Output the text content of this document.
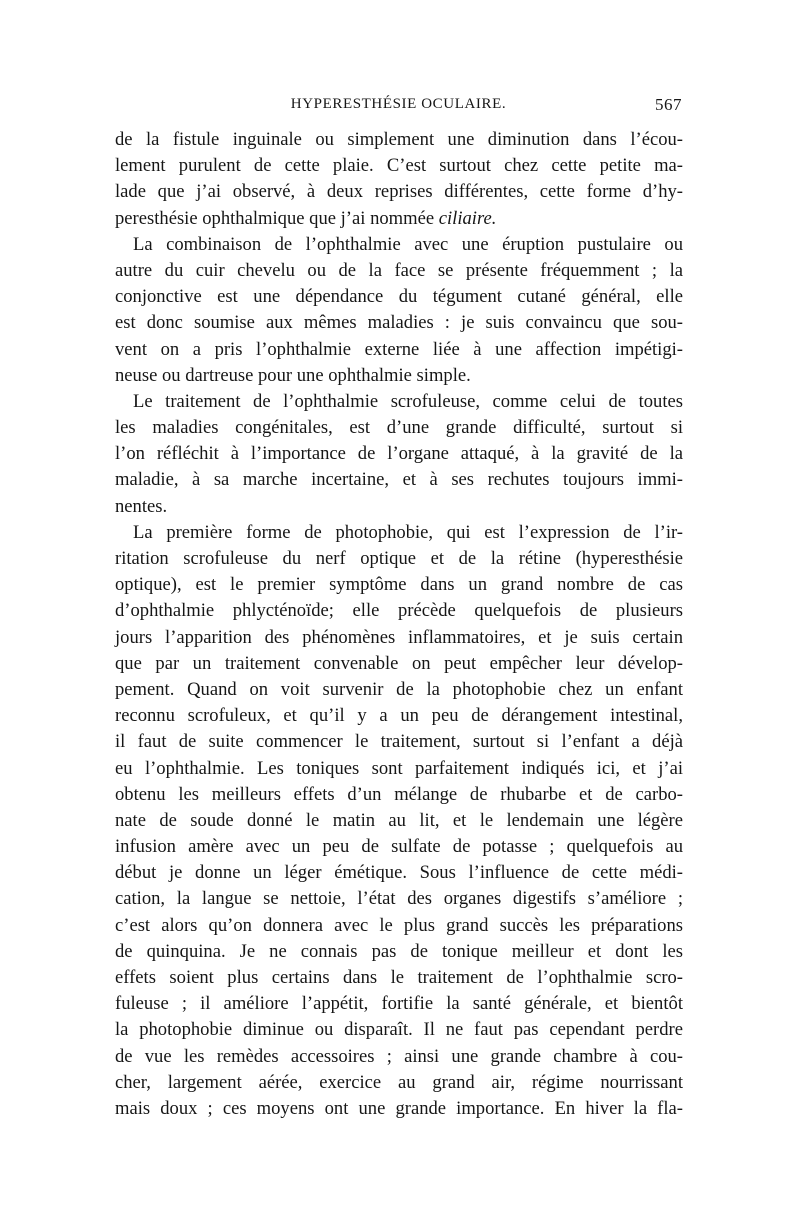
HYPERESTHÉSIE OCULAIRE.	567
de la fistule inguinale ou simplement une diminution dans l’écou-
lement purulent de cette plaie. C’est surtout chez cette petite ma-
lade que j’ai observé, à deux reprises différentes, cette forme d’hy-
peresthésie ophthalmique que j’ai nommée ciliaire.
La combinaison de l’ophthalmie avec une éruption pustulaire ou
autre du cuir chevelu ou de la face se présente fréquemment ; la
conjonctive est une dépendance du tégument cutané général, elle
est donc soumise aux mêmes maladies : je suis convaincu que sou-
vent on a pris l’ophthalmie externe liée à une affection impétigi-
neuse ou dartreuse pour une ophthalmie simple.
Le traitement de l’ophthalmie scrofuleuse, comme celui de toutes
les maladies congénitales, est d’une grande difficulté, surtout si
l’on réfléchit à l’importance de l’organe attaqué, à la gravité de la
maladie, à sa marche incertaine, et à ses rechutes toujours immi-
nentes.
La première forme de photophobie, qui est l’expression de l’ir-
ritation scrofuleuse du nerf optique et de la rétine (hyperesthésie
optique), est le premier symptôme dans un grand nombre de cas
d’ophthalmie phlycténoïde; elle précède quelquefois de plusieurs
jours l’apparition des phénomènes inflammatoires, et je suis certain
que par un traitement convenable on peut empêcher leur dévelop-
pement. Quand on voit survenir de la photophobie chez un enfant
reconnu scrofuleux, et qu’il y a un peu de dérangement intestinal,
il faut de suite commencer le traitement, surtout si l’enfant a déjà
eu l’ophthalmie. Les toniques sont parfaitement indiqués ici, et j’ai
obtenu les meilleurs effets d’un mélange de rhubarbe et de carbo-
nate de soude donné le matin au lit, et le lendemain une légère
infusion amère avec un peu de sulfate de potasse ; quelquefois au
début je donne un léger émétique. Sous l’influence de cette médi-
cation, la langue se nettoie, l’état des organes digestifs s’améliore ;
c’est alors qu’on donnera avec le plus grand succès les préparations
de quinquina. Je ne connais pas de tonique meilleur et dont les
effets soient plus certains dans le traitement de l’ophthalmie scro-
fuleuse ; il améliore l’appétit, fortifie la santé générale, et bientôt
la photophobie diminue ou disparaît. Il ne faut pas cependant perdre
de vue les remèdes accessoires ; ainsi une grande chambre à cou-
cher, largement aérée, exercice au grand air, régime nourrissant
mais doux ; ces moyens ont une grande importance. En hiver la fla-
